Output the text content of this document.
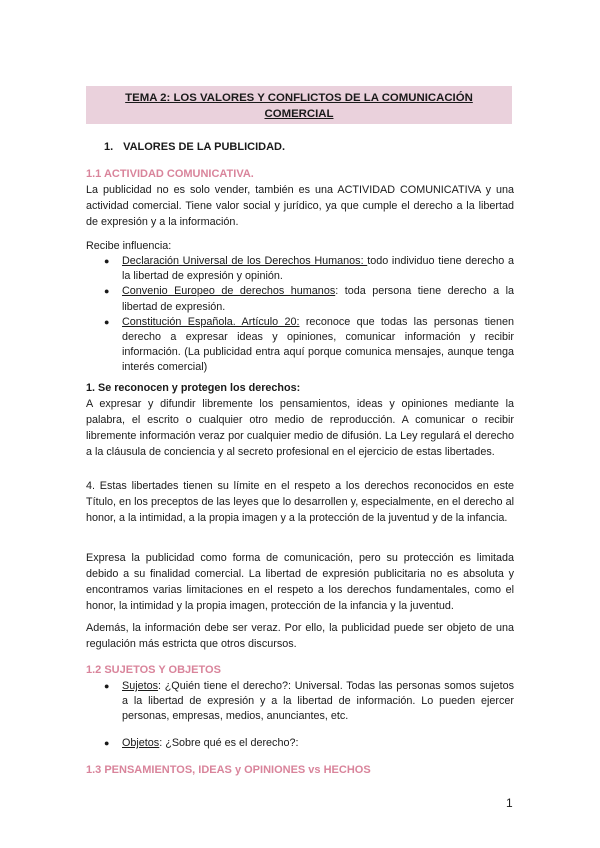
TEMA 2: LOS VALORES Y CONFLICTOS DE LA COMUNICACIÓN
COMERCIAL
1. VALORES DE LA PUBLICIDAD.
1.1 ACTIVIDAD COMUNICATIVA.

La publicidad no es solo vender, también es una ACTIVIDAD COMUNICATIVA y una actividad comercial. Tiene valor social y jurídico, ya que cumple el derecho a la libertad de expresión y a la información.

Recibe influencia:

● Declaración Universal de los Derechos Humanos: todo individuo tiene derecho a la libertad de expresión y opinión.
● Convenio Europeo de derechos humanos: toda persona tiene derecho a la libertad de expresión.
● Constitución Española. Artículo 20: reconoce que todas las personas tienen derecho a expresar ideas y opiniones, comunicar información y recibir información. (La publicidad entra aquí porque comunica mensajes, aunque tenga interés comercial)
1. Se reconocen y protegen los derechos:

A expresar y difundir libremente los pensamientos, ideas y opiniones mediante la palabra, el escrito o cualquier otro medio de reproducción. A comunicar o recibir libremente información veraz por cualquier medio de difusión. La Ley regulará el derecho a la cláusula de conciencia y al secreto profesional en el ejercicio de estas libertades.

4. Estas libertades tienen su límite en el respeto a los derechos reconocidos en este Título, en los preceptos de las leyes que lo desarrollen y, especialmente, en el derecho al honor, a la intimidad, a la propia imagen y a la protección de la juventud y de la infancia.

Expresa la publicidad como forma de comunicación, pero su protección es limitada debido a su finalidad comercial. La libertad de expresión publicitaria no es absoluta y encontramos varias limitaciones en el respeto a los derechos fundamentales, como el honor, la intimidad y la propia imagen, protección de la infancia y la juventud.

Además, la información debe ser veraz. Por ello, la publicidad puede ser objeto de una regulación más estricta que otros discursos.

1.2 SUJETOS Y OBJETOS
● Sujetos: ¿Quién tiene el derecho?: Universal. Todas las personas somos sujetos a la libertad de expresión y a la libertad de información. Lo pueden ejercer personas, empresas, medios, anunciantes, etc.
● Objetos: ¿Sobre qué es el derecho?:
1.3 PENSAMIENTOS, IDEAS y OPINIONES vs HECHOS
1
